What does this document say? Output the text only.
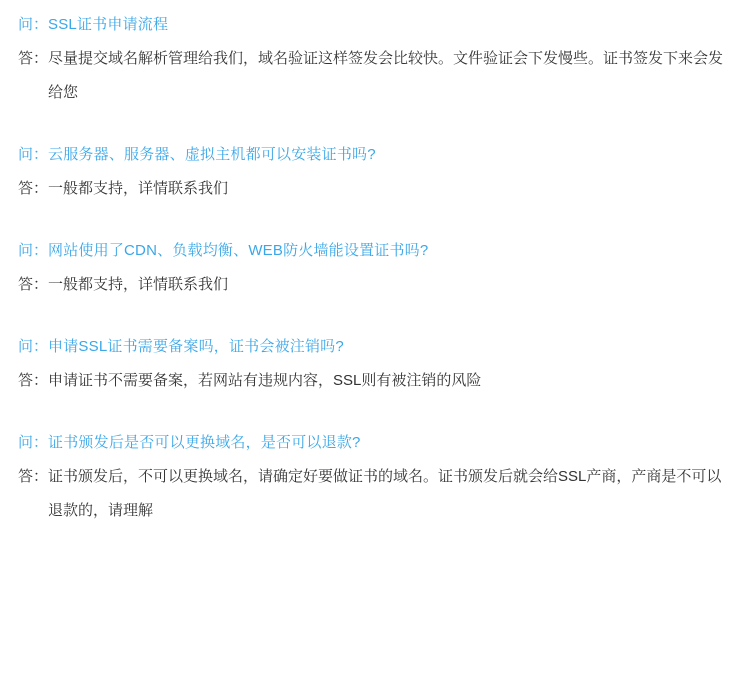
问： SSL证书申请流程
答： 尽量提交域名解析管理给我们，域名验证这样签发会比较快。文件验证会下发慢些。证书签发下来会发给您
问： 云服务器、服务器、虚拟主机都可以安装证书吗?
答： 一般都支持，详情联系我们
问： 网站使用了CDN、负载均衡、WEB防火墙能设置证书吗?
答： 一般都支持，详情联系我们
问： 申请SSL证书需要备案吗，证书会被注销吗?
答： 申请证书不需要备案，若网站有违规内容，SSL则有被注销的风险
问： 证书颁发后是否可以更换域名，是否可以退款?
答： 证书颁发后，不可以更换域名，请确定好要做证书的域名。证书颁发后就会给SSL产商，产商是不可以退款的，请理解
